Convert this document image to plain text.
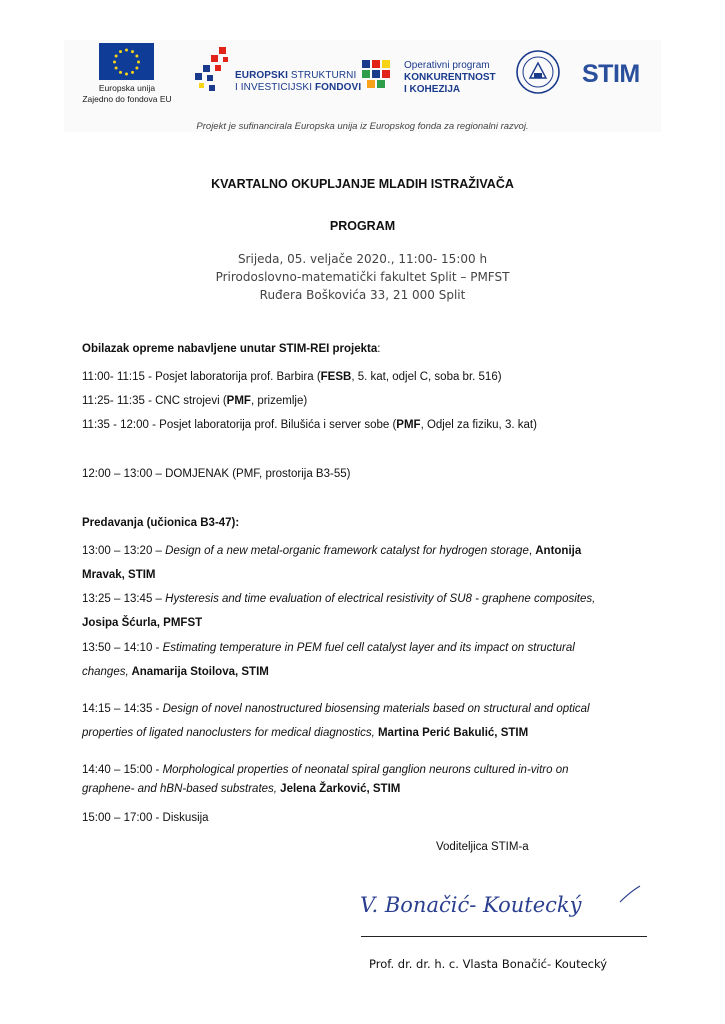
Europska unija
Zajedno do fondova EU
EUROPSKI STRUKTURNI
I INVESTICIJSKI FONDOVI
Operativni program
KONKURENTNOST
I KOHEZIJA
STIM
Projekt je sufinancirala Europska unija iz Europskog fonda za regionalni razvoj.
KVARTALNO OKUPLJANJE MLADIH ISTRAŽIVAČA
PROGRAM
Srijeda, 05. veljače 2020., 11:00- 15:00 h
Prirodoslovno-matematički fakultet Split – PMFST
Ruđera Boškovića 33, 21 000 Split
Obilazak opreme nabavljene unutar STIM-REI projekta:
11:00- 11:15 - Posjet laboratorija prof. Barbira (FESB, 5. kat, odjel C, soba br. 516)
11:25- 11:35 - CNC strojevi (PMF, prizemlje)
11:35 - 12:00 - Posjet laboratorija prof. Bilušića i server sobe (PMF, Odjel za fiziku, 3. kat)
12:00 – 13:00 – DOMJENAK (PMF, prostorija B3-55)
Predavanja (učionica B3-47):
13:00 – 13:20 – Design of a new metal-organic framework catalyst for hydrogen storage, Antonija
Mravak, STIM
13:25 – 13:45 – Hysteresis and time evaluation of electrical resistivity of SU8 - graphene composites,
Josipa Šćurla, PMFST
13:50 – 14:10 - Estimating temperature in PEM fuel cell catalyst layer and its impact on structural
changes, Anamarija Stoilova, STIM
14:15 – 14:35 - Design of novel nanostructured biosensing materials based on structural and optical
properties of ligated nanoclusters for medical diagnostics, Martina Perić Bakulić, STIM
14:40 – 15:00 - Morphological properties of neonatal spiral ganglion neurons cultured in-vitro on
graphene- and hBN-based substrates, Jelena Žarković, STIM
15:00 – 17:00 - Diskusija
Voditeljica STIM-a
V. Bonačić- Koutecký
Prof. dr. dr. h. c. Vlasta Bonačić- Koutecký
